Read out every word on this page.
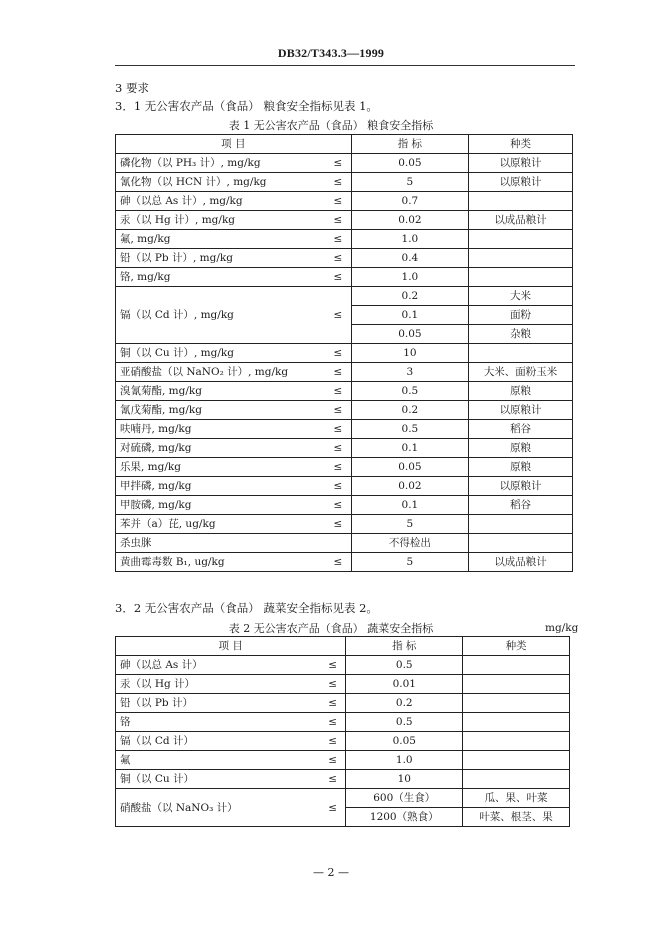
DB32/T343.3—1999
3 要求
3．1 无公害农产品（食品） 粮食安全指标见表 1。
表 1 无公害农产品（食品） 粮食安全指标
项 目		指 标	种类
磷化物（以 PH₃ 计）, mg/kg	≤	0.05	以原粮计
氰化物（以 HCN 计）, mg/kg	≤	5	以原粮计
砷（以总 As 计）, mg/kg	≤	0.7	
汞（以 Hg 计）, mg/kg	≤	0.02	以成品粮计
氟, mg/kg	≤	1.0	
铅（以 Pb 计）, mg/kg	≤	0.4	
铬, mg/kg	≤	1.0	
镉（以 Cd 计）, mg/kg	≤	0.2	大米
		0.1	面粉
		0.05	杂粮
铜（以 Cu 计）, mg/kg	≤	10	
亚硝酸盐（以 NaNO₂ 计）, mg/kg	≤	3	大米、面粉玉米
溴氰菊酯, mg/kg	≤	0.5	原粮
氰戊菊酯, mg/kg	≤	0.2	以原粮计
呋喃丹, mg/kg	≤	0.5	稻谷
对硫磷, mg/kg	≤	0.1	原粮
乐果, mg/kg	≤	0.05	原粮
甲拌磷, mg/kg	≤	0.02	以原粮计
甲胺磷, mg/kg	≤	0.1	稻谷
苯并（a）芘, ug/kg	≤	5	
杀虫脒		不得检出	
黄曲霉毒数 B₁, ug/kg	≤	5	以成品粮计
3．2 无公害农产品（食品） 蔬菜安全指标见表 2。
表 2 无公害农产品（食品） 蔬菜安全指标	mg/kg
项 目		指 标	种类
砷（以总 As 计）	≤	0.5	
汞（以 Hg 计）	≤	0.01	
铅（以 Pb 计）	≤	0.2	
铬	≤	0.5	
镉（以 Cd 计）	≤	0.05	
氟	≤	1.0	
铜（以 Cu 计）	≤	10	
硝酸盐（以 NaNO₃ 计）	≤	600（生食）	瓜、果、叶菜
		1200（熟食）	叶菜、根茎、果
— 2 —
